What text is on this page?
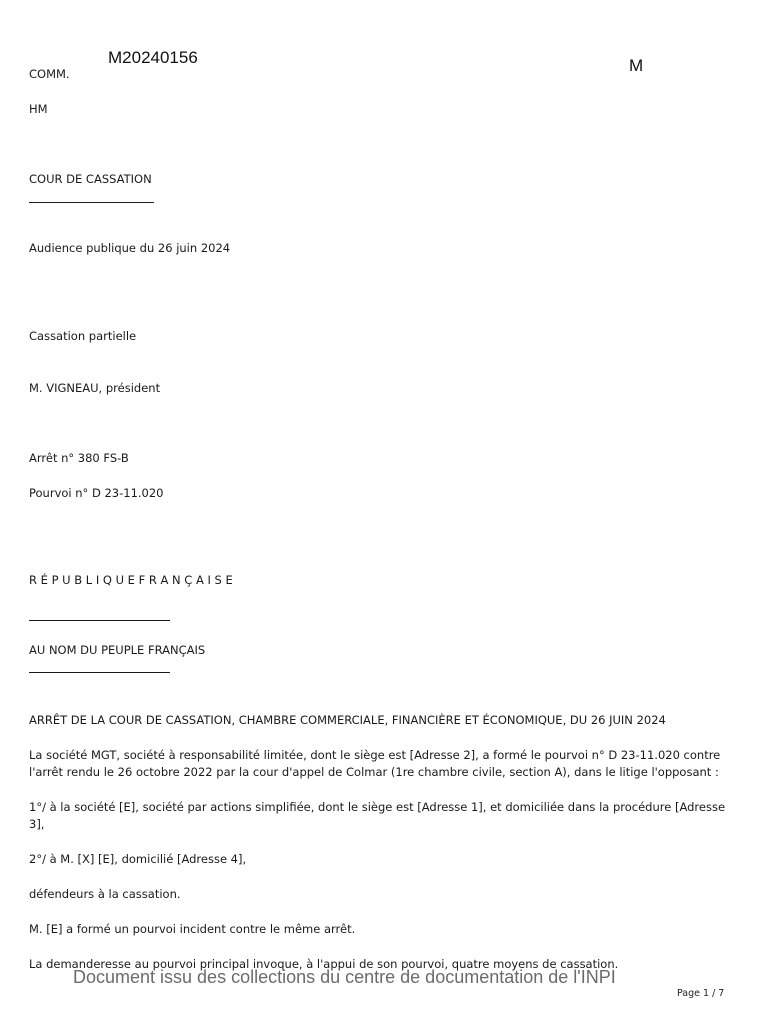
M20240156	M
COMM.
HM
COUR DE CASSATION
Audience publique du 26 juin 2024
Cassation partielle
M. VIGNEAU, président
Arrêt n° 380 FS-B
Pourvoi n° D 23-11.020
R É P U B L I Q U E F R A N Ç A I S E
AU NOM DU PEUPLE FRANÇAIS
ARRÊT DE LA COUR DE CASSATION, CHAMBRE COMMERCIALE, FINANCIÈRE ET ÉCONOMIQUE, DU 26 JUIN 2024
La société MGT, société à responsabilité limitée, dont le siège est [Adresse 2], a formé le pourvoi n° D 23-11.020 contre l'arrêt rendu le 26 octobre 2022 par la cour d'appel de Colmar (1re chambre civile, section A), dans le litige l'opposant :
1°/ à la société [E], société par actions simplifiée, dont le siège est [Adresse 1], et domiciliée dans la procédure [Adresse 3],
2°/ à M. [X] [E], domicilié [Adresse 4],
défendeurs à la cassation.
M. [E] a formé un pourvoi incident contre le même arrêt.
La demanderesse au pourvoi principal invoque, à l'appui de son pourvoi, quatre moyens de cassation.
Document issu des collections du centre de documentation de l'INPI
Page 1 / 7
